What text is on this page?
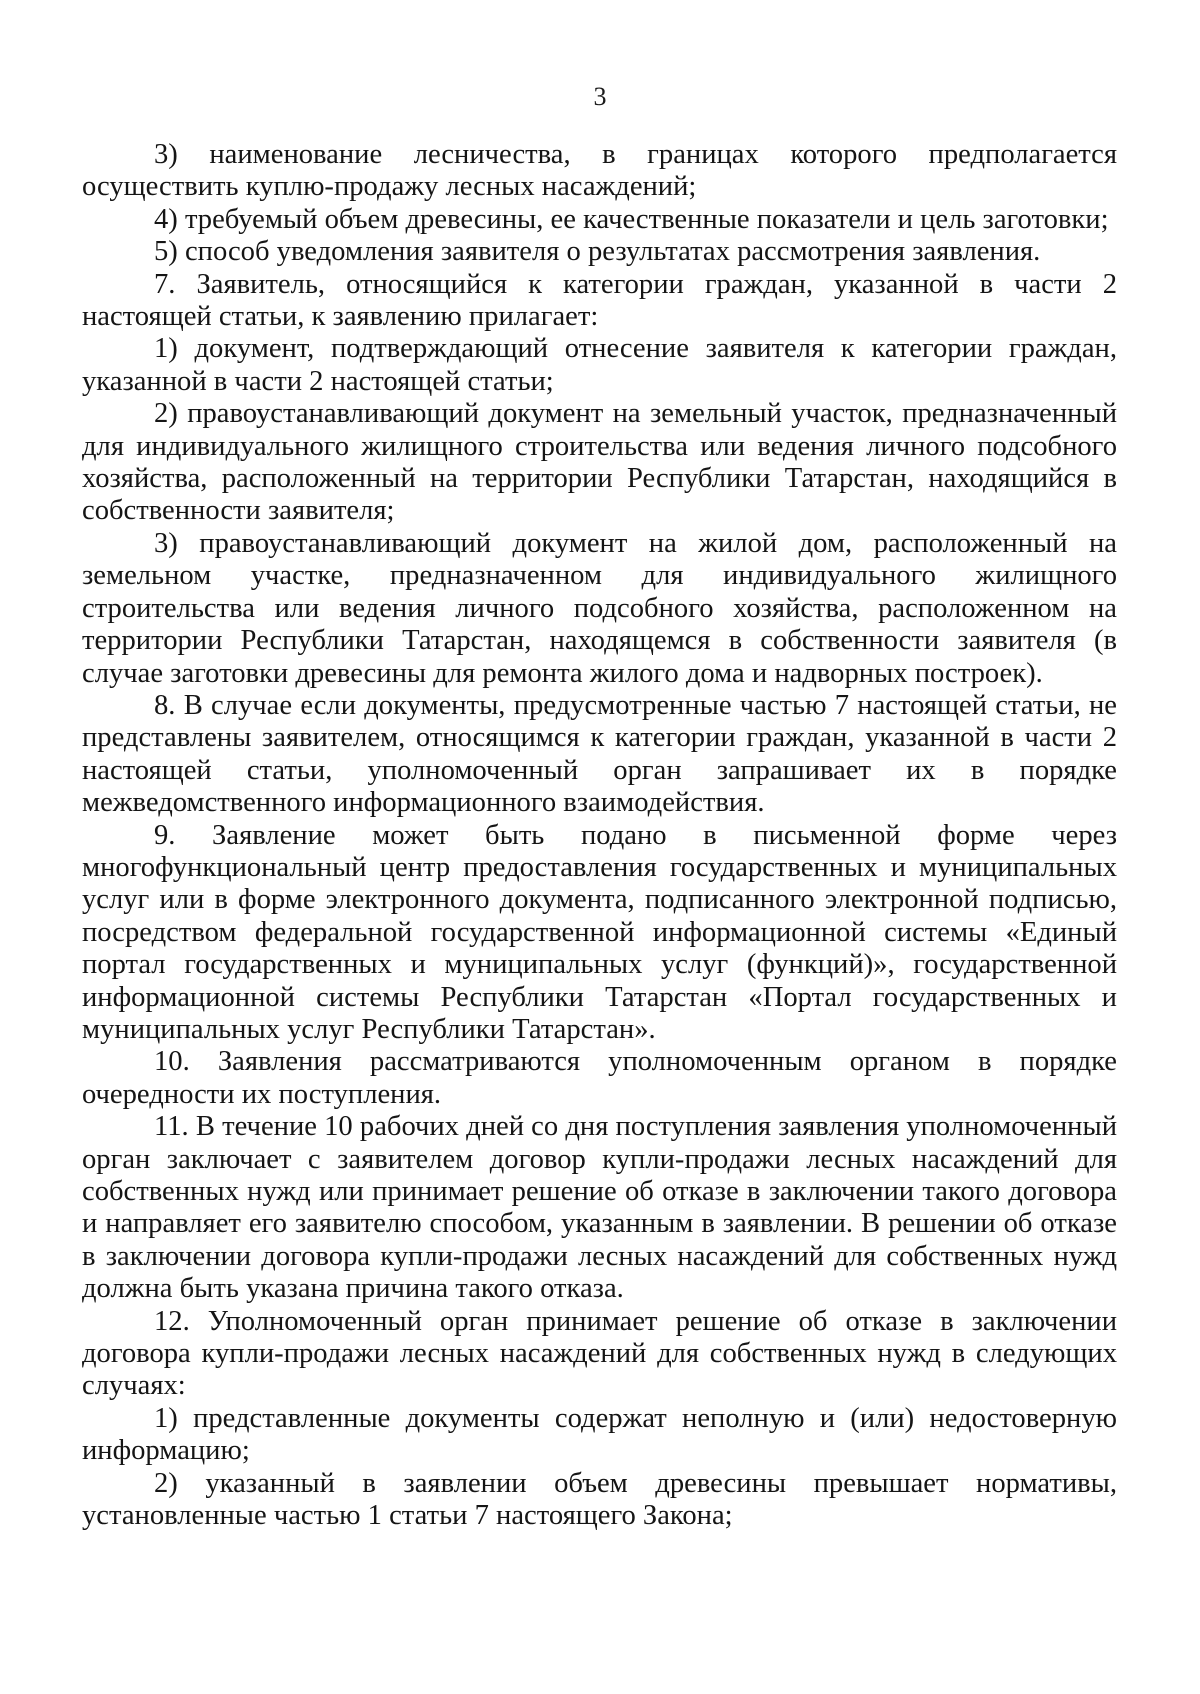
3

3) наименование лесничества, в границах которого предполагается осуществить куплю-продажу лесных насаждений;

4) требуемый объем древесины, ее качественные показатели и цель заготовки;

5) способ уведомления заявителя о результатах рассмотрения заявления.

7. Заявитель, относящийся к категории граждан, указанной в части 2 настоящей статьи, к заявлению прилагает:

1) документ, подтверждающий отнесение заявителя к категории граждан, указанной в части 2 настоящей статьи;

2) правоустанавливающий документ на земельный участок, предназначенный для индивидуального жилищного строительства или ведения личного подсобного хозяйства, расположенный на территории Республики Татарстан, находящийся в собственности заявителя;

3) правоустанавливающий документ на жилой дом, расположенный на земельном участке, предназначенном для индивидуального жилищного строительства или ведения личного подсобного хозяйства, расположенном на территории Республики Татарстан, находящемся в собственности заявителя (в случае заготовки древесины для ремонта жилого дома и надворных построек).

8. В случае если документы, предусмотренные частью 7 настоящей статьи, не представлены заявителем, относящимся к категории граждан, указанной в части 2 настоящей статьи, уполномоченный орган запрашивает их в порядке межведомственного информационного взаимодействия.

9. Заявление может быть подано в письменной форме через многофункциональный центр предоставления государственных и муниципальных услуг или в форме электронного документа, подписанного электронной подписью, посредством федеральной государственной информационной системы «Единый портал государственных и муниципальных услуг (функций)», государственной информационной системы Республики Татарстан «Портал государственных и муниципальных услуг Республики Татарстан».

10. Заявления рассматриваются уполномоченным органом в порядке очередности их поступления.

11. В течение 10 рабочих дней со дня поступления заявления уполномоченный орган заключает с заявителем договор купли-продажи лесных насаждений для собственных нужд или принимает решение об отказе в заключении такого договора и направляет его заявителю способом, указанным в заявлении. В решении об отказе в заключении договора купли-продажи лесных насаждений для собственных нужд должна быть указана причина такого отказа.

12. Уполномоченный орган принимает решение об отказе в заключении договора купли-продажи лесных насаждений для собственных нужд в следующих случаях:

1) представленные документы содержат неполную и (или) недостоверную информацию;

2) указанный в заявлении объем древесины превышает нормативы, установленные частью 1 статьи 7 настоящего Закона;
